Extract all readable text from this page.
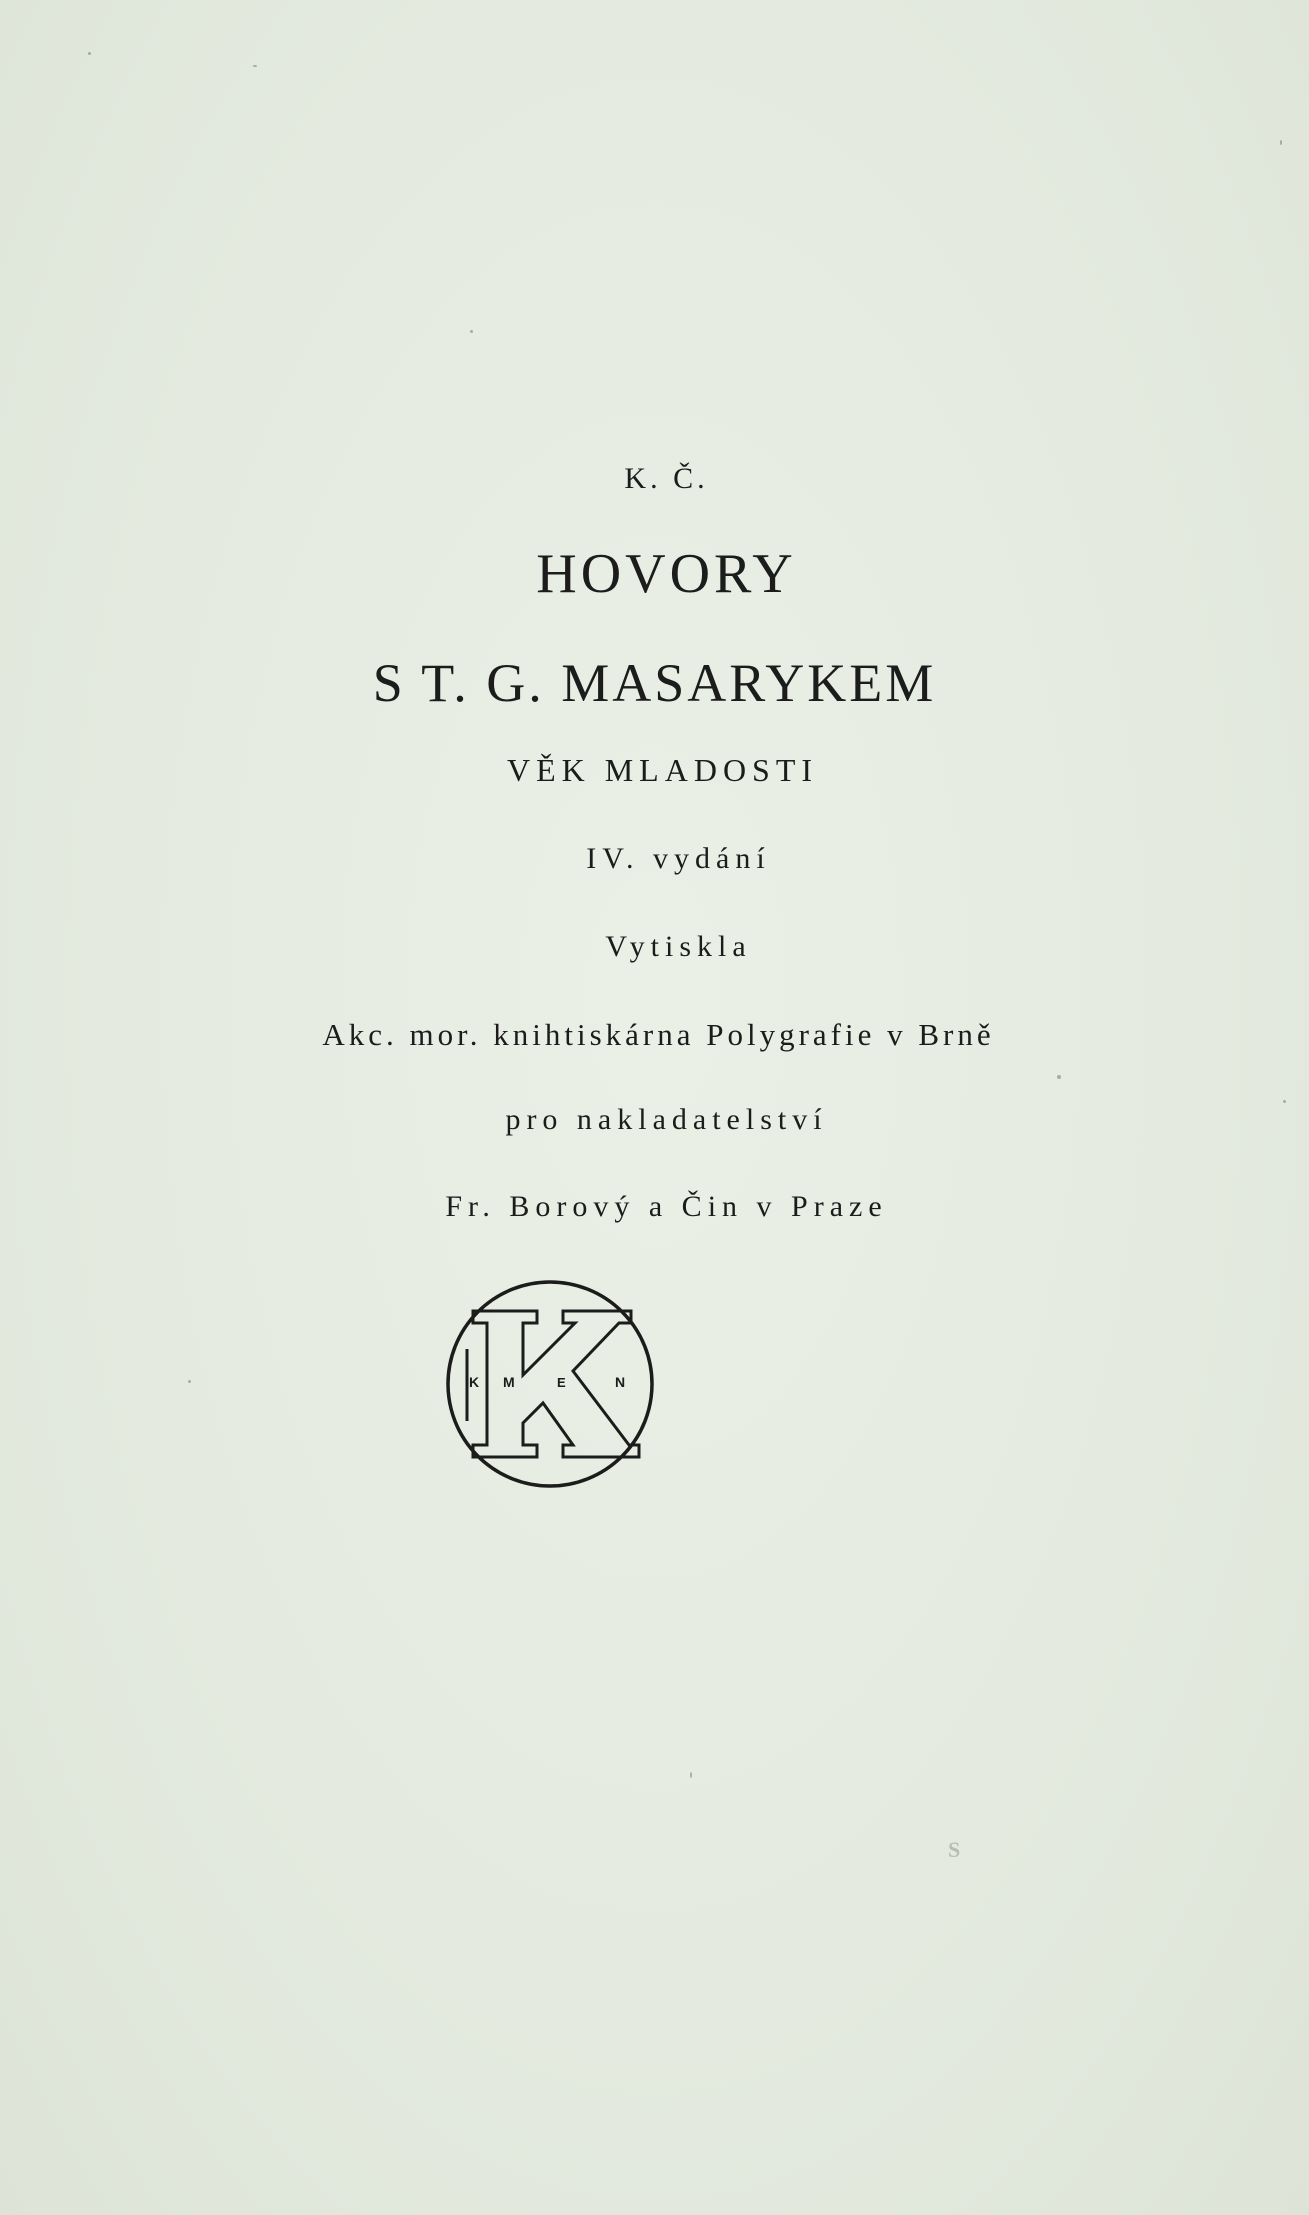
K. Č.
HOVORY
S T. G. MASARYKEM
VĚK MLADOSTI
IV. vydání
Vytiskla
Akc. mor. knihtiskárna Polygrafie v Brně
pro nakladatelství
Fr. Borový a Čin v Praze
K M	E	N
S
